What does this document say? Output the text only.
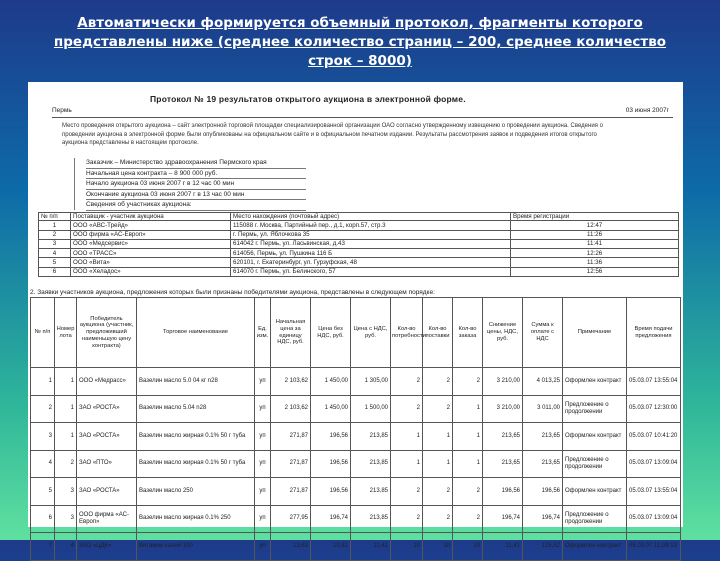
Автоматически формируется объемный протокол, фрагменты которого представлены ниже (среднее количество страниц – 200, среднее количество строк – 8000)
Протокол № 19 результатов открытого аукциона в электронной форме.
Пермь	03 июня 2007г
Место проведения открытого аукциона – сайт электронной торговой площадки специализированной организации ОАО согласно утвержденному извещению о проведении аукциона. Сведения о проведении аукциона в электронной форме были опубликованы на официальном сайте и в официальном печатном издании. Результаты рассмотрения заявок и подведения итогов открытого аукциона представлены в настоящем протоколе.
Заказчик – Министерство здравоохранения Пермского края
Начальная цена контракта – 8 900 000 руб.
Начало аукциона 03 июня 2007 г в 12 час 00 мин
Окончание аукциона 03 июня 2007 г в 13 час 00 мин
Сведения об участниках аукциона:
№ п/п	Поставщик - участник аукциона	Место нахождения (почтовый адрес)	Время регистрации
1	ООО «АВС-Трейд»	115088 г. Москва, Партийный пер., д.1, корп.57, стр.3	12:47
2	ООО фирма «АС-Европ»	г. Пермь, ул. Яблочкова 35	11:26
3	ООО «Медсервис»	614042 г. Пермь, ул. Ласьвинская, д.43	11:41
4	ООО «ТРАСС»	614056, Пермь, ул. Пушкина 116 Б	12:26
5	ООО «Вита»	620101, г. Екатеринбург, ул. Гурзуфская, 48	11:36
6	ООО «Хеладос»	614070 г. Пермь, ул. Белинского, 57	12:56
2. Заявки участников аукциона, предложения которых были признаны победителями аукциона, представлены в следующем порядке:
№ п/п	Номер лота	Победитель аукциона (участник, предложивший наименьшую цену контракта)	Торговое наименование	Ед. изм.	Начальная цена за единицу НДС, руб.	Цена без НДС, руб.	Цена с НДС, руб.	Кол-во потребности	Кол-во поставки	Кол-во заказа	Снижение цены, НДС, руб.	Сумма к оплате с НДС	Примечание	Время подачи предложения
1	1	ООО «Медрасс»	Вазелин масло 5.0 04 кг n28	уп	2 103,62	1 450,00	1 305,00	2	2	2	3 210,00	4 013,25	Оформлен контракт	05.03.07 13:55:04
2	1	ЗАО «РОСТА»	Вазелин масло 5.04 n28	уп	2 103,62	1 450,00	1 500,00	2	2	1	3 210,00	3 011,00	Предложение о продолжении	05.03.07 12:30:00
3	1	ЗАО «РОСТА»	Вазелин масло жирная 0.1% 50 г туба	уп	271,87	196,56	213,85	1	1	1	213,65	213,65	Оформлен контракт	05.03.07 10:41:20
4	2	ЗАО «ПТО»	Вазелин масло жирная 0.1% 50 г туба	уп	271,87	196,56	213,85	1	1	1	213,65	213,65	Предложение о продолжении	05.03.07 13:09:04
5	3	ЗАО «РОСТА»	Вазелин масло 250	уп	271,87	196,56	213,85	2	2	2	196,56	196,56	Оформлен контракт	05.03.07 13:55:04
6	3	ООО фирма «АС-Европ»	Вазелин масло жирная 0.1% 250	уп	277,95	196,74	213,85	2	2	2	196,74	196,74	Предложение о продолжении	05.03.07 13:09:04
7	4	ЗАО «ЦДК»	Витамин калий 100	уп	13,63	10,81	11,41	10	10	10	11,41	125,52	Оформлен контракт	05.03.07 11:08:13
